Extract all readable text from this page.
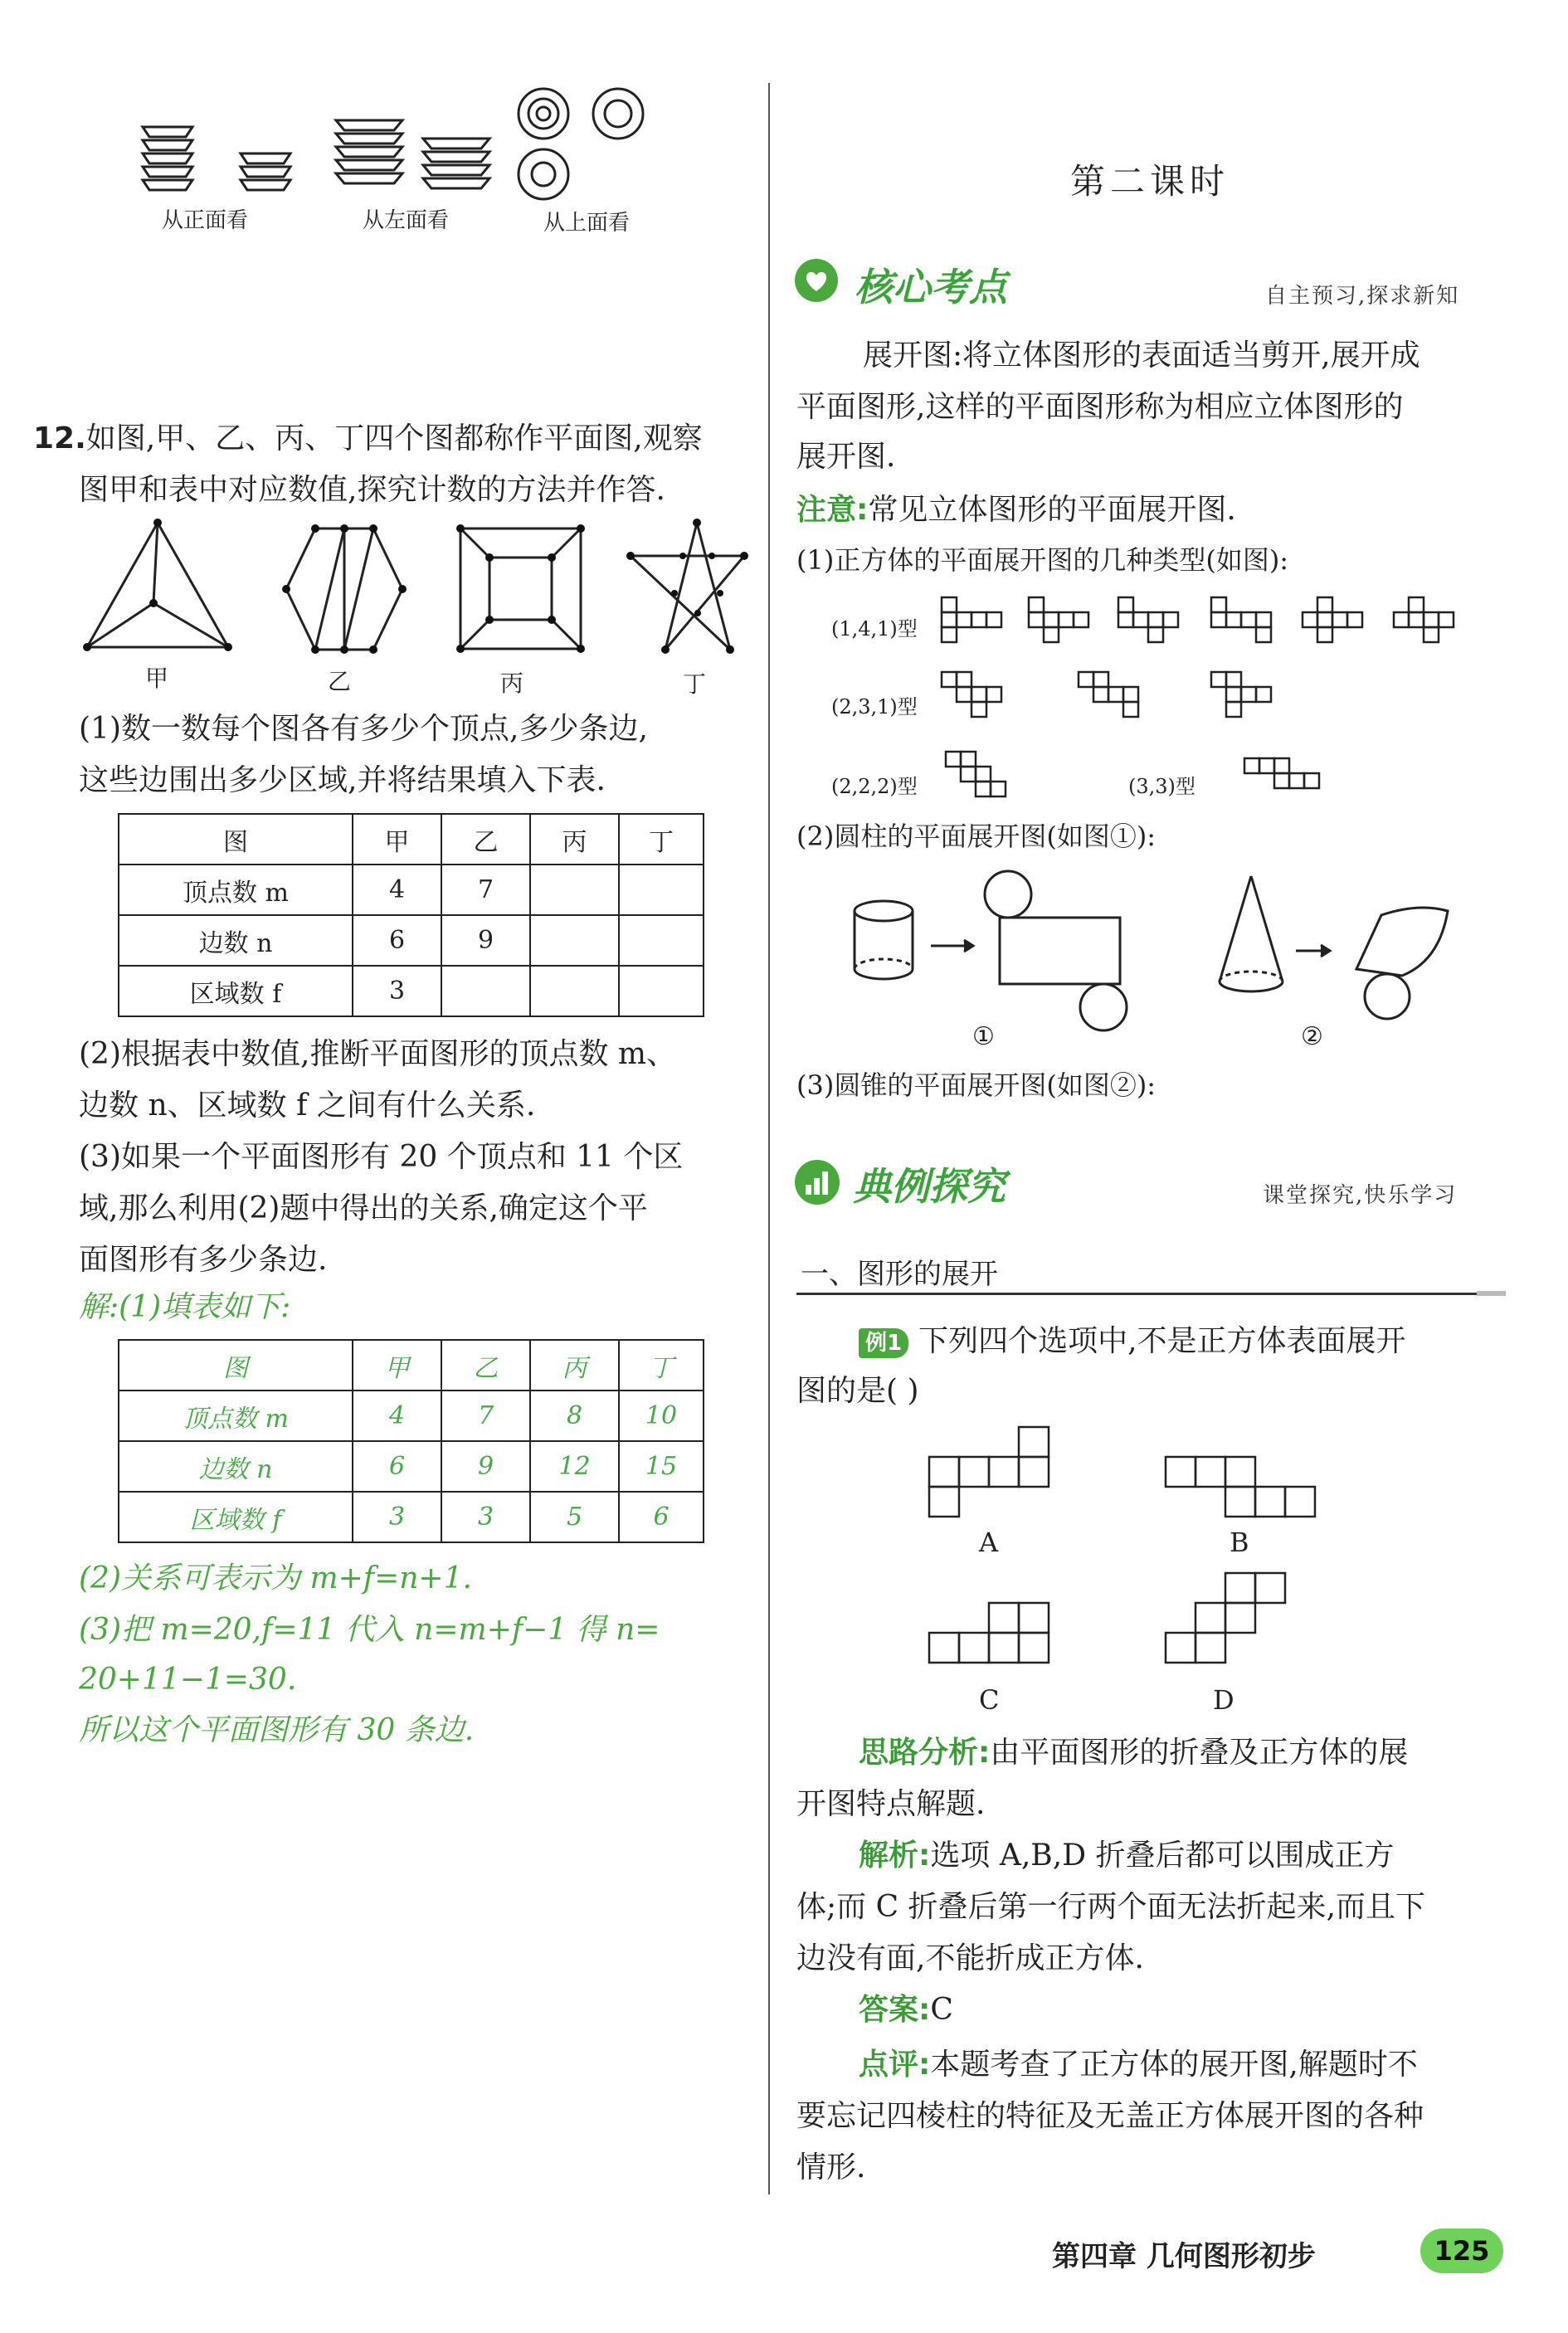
从正面看	从左面看	从上面看
12.如图,甲、乙、丙、丁四个图都称作平面图,观察
图甲和表中对应数值,探究计数的方法并作答.
甲	乙	丙	丁
(1)数一数每个图各有多少个顶点,多少条边,
这些边围出多少区域,并将结果填入下表.
图	甲	乙	丙	丁
顶点数 m	4	7		
边数 n	6	9		
区域数 f	3			
(2)根据表中数值,推断平面图形的顶点数 m、
边数 n、区域数 f 之间有什么关系.
(3)如果一个平面图形有 20 个顶点和 11 个区
域,那么利用(2)题中得出的关系,确定这个平
面图形有多少条边.
解:(1)填表如下:
图	甲	乙	丙	丁
顶点数 m	4	7	8	10
边数 n	6	9	12	15
区域数 f	3	3	5	6
(2)关系可表示为 m+f=n+1.
(3)把 m=20,f=11 代入 n=m+f−1 得 n=
20+11−1=30.
所以这个平面图形有 30 条边.
第二课时
核心考点	自主预习,探求新知
展开图:将立体图形的表面适当剪开,展开成
平面图形,这样的平面图形称为相应立体图形的
展开图.
注意:常见立体图形的平面展开图.
(1)正方体的平面展开图的几种类型(如图):
(1,4,1)型
(2,3,1)型
(2,2,2)型	(3,3)型
(2)圆柱的平面展开图(如图①):
①	②
(3)圆锥的平面展开图(如图②):
典例探究	课堂探究,快乐学习
一、图形的展开
例1 下列四个选项中,不是正方体表面展开
图的是( )
A	B
C	D
思路分析:由平面图形的折叠及正方体的展
开图特点解题.
解析:选项 A,B,D 折叠后都可以围成正方
体;而 C 折叠后第一行两个面无法折起来,而且下
边没有面,不能折成正方体.
答案:C
点评:本题考查了正方体的展开图,解题时不
要忘记四棱柱的特征及无盖正方体展开图的各种
情形.
第四章 几何图形初步	125
